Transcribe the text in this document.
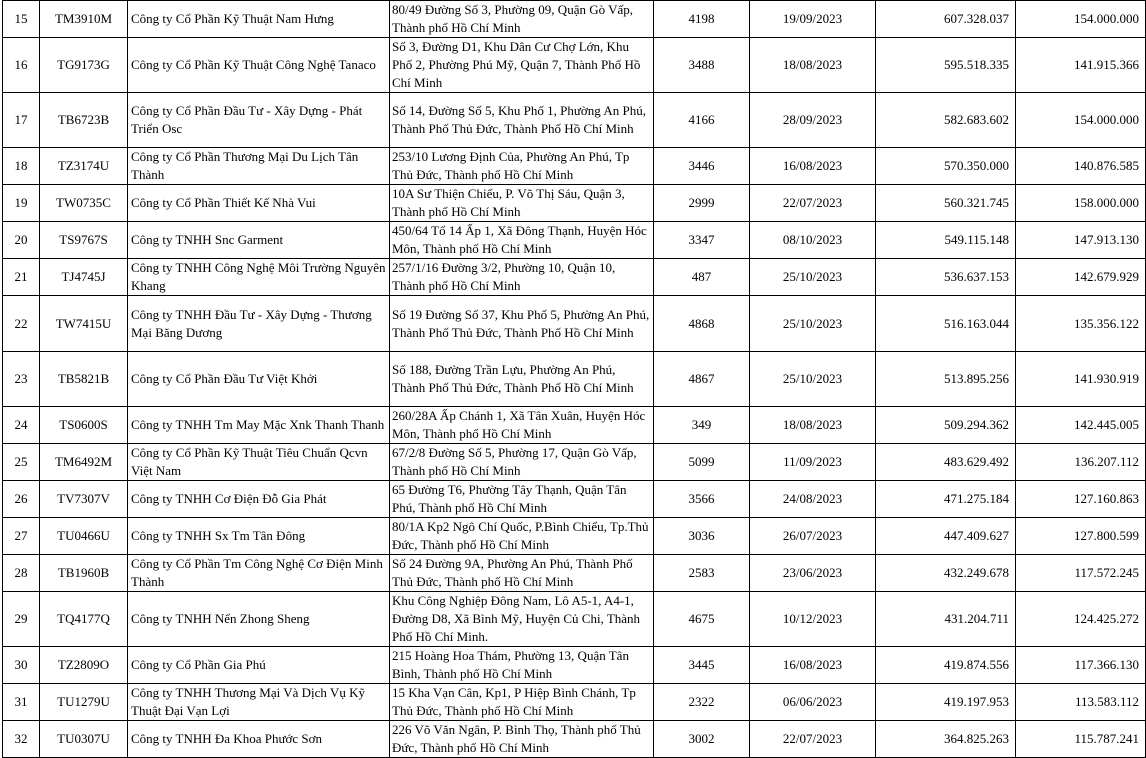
15	TM3910M	Công ty Cổ Phần Kỹ Thuật Nam Hưng	80/49 Đường Số 3, Phường 09, Quận Gò Vấp, Thành phố Hồ Chí Minh	4198	19/09/2023	607.328.037	154.000.000
16	TG9173G	Công ty Cổ Phần Kỹ Thuật Công Nghệ Tanaco	Số 3, Đường D1, Khu Dân Cư Chợ Lớn, Khu Phố 2, Phường Phú Mỹ, Quận 7, Thành Phố Hồ Chí Minh	3488	18/08/2023	595.518.335	141.915.366
17	TB6723B	Công ty Cổ Phần Đầu Tư - Xây Dựng - Phát Triển Osc	Số 14, Đường Số 5, Khu Phố 1, Phường An Phú, Thành Phố Thủ Đức, Thành Phố Hồ Chí Minh	4166	28/09/2023	582.683.602	154.000.000
18	TZ3174U	Công ty Cổ Phần Thương Mại Du Lịch Tân Thành	253/10 Lương Định Của, Phường An Phú, Tp Thủ Đức, Thành phố Hồ Chí Minh	3446	16/08/2023	570.350.000	140.876.585
19	TW0735C	Công ty Cổ Phần Thiết Kế Nhà Vui	10A Sư Thiện Chiếu, P. Võ Thị Sáu, Quận 3, Thành phố Hồ Chí Minh	2999	22/07/2023	560.321.745	158.000.000
20	TS9767S	Công ty TNHH Snc Garment	450/64 Tổ 14 Ấp 1, Xã Đông Thạnh, Huyện Hóc Môn, Thành phố Hồ Chí Minh	3347	08/10/2023	549.115.148	147.913.130
21	TJ4745J	Công ty TNHH Công Nghệ Môi Trường Nguyên Khang	257/1/16 Đường 3/2, Phường 10, Quận 10, Thành phố Hồ Chí Minh	487	25/10/2023	536.637.153	142.679.929
22	TW7415U	Công ty TNHH Đầu Tư - Xây Dựng - Thương Mại Băng Dương	Số 19 Đường Số 37, Khu Phố 5, Phường An Phú, Thành Phố Thủ Đức, Thành Phố Hồ Chí Minh	4868	25/10/2023	516.163.044	135.356.122
23	TB5821B	Công ty Cổ Phần Đầu Tư Việt Khởi	Số 188, Đường Trần Lựu, Phường An Phú, Thành Phố Thủ Đức, Thành Phố Hồ Chí Minh	4867	25/10/2023	513.895.256	141.930.919
24	TS0600S	Công ty TNHH Tm May Mặc Xnk Thanh Thanh	260/28A Ấp Chánh 1, Xã Tân Xuân, Huyện Hóc Môn, Thành phố Hồ Chí Minh	349	18/08/2023	509.294.362	142.445.005
25	TM6492M	Công ty Cổ Phần Kỹ Thuật Tiêu Chuẩn Qcvn Việt Nam	67/2/8 Đường Số 5, Phường 17, Quận Gò Vấp, Thành phố Hồ Chí Minh	5099	11/09/2023	483.629.492	136.207.112
26	TV7307V	Công ty TNHH Cơ Điện Đỗ Gia Phát	65 Đường T6, Phường Tây Thạnh, Quận Tân Phú, Thành phố Hồ Chí Minh	3566	24/08/2023	471.275.184	127.160.863
27	TU0466U	Công ty TNHH Sx Tm Tân Đông	80/1A Kp2 Ngô Chí Quốc, P.Bình Chiểu, Tp.Thủ Đức, Thành phố Hồ Chí Minh	3036	26/07/2023	447.409.627	127.800.599
28	TB1960B	Công ty Cổ Phần Tm Công Nghệ Cơ Điện Minh Thành	Số 24 Đường 9A, Phường An Phú, Thành Phố Thủ Đức, Thành phố Hồ Chí Minh	2583	23/06/2023	432.249.678	117.572.245
29	TQ4177Q	Công ty TNHH Nến Zhong Sheng	Khu Công Nghiệp Đông Nam, Lô A5-1, A4-1, Đường D8, Xã Bình Mỹ, Huyện Củ Chi, Thành Phố Hồ Chí Minh.	4675	10/12/2023	431.204.711	124.425.272
30	TZ2809O	Công ty Cổ Phần Gia Phú	215 Hoàng Hoa Thám, Phường 13, Quận Tân Bình, Thành phố Hồ Chí Minh	3445	16/08/2023	419.874.556	117.366.130
31	TU1279U	Công ty TNHH Thương Mại Và Dịch Vụ Kỹ Thuật Đại Vạn Lợi	15 Kha Vạn Cân, Kp1, P Hiệp Bình Chánh, Tp Thủ Đức, Thành phố Hồ Chí Minh	2322	06/06/2023	419.197.953	113.583.112
32	TU0307U	Công ty TNHH Đa Khoa Phước Sơn	226 Võ Văn Ngân, P. Bình Thọ, Thành phố Thủ Đức, Thành phố Hồ Chí Minh	3002	22/07/2023	364.825.263	115.787.241
